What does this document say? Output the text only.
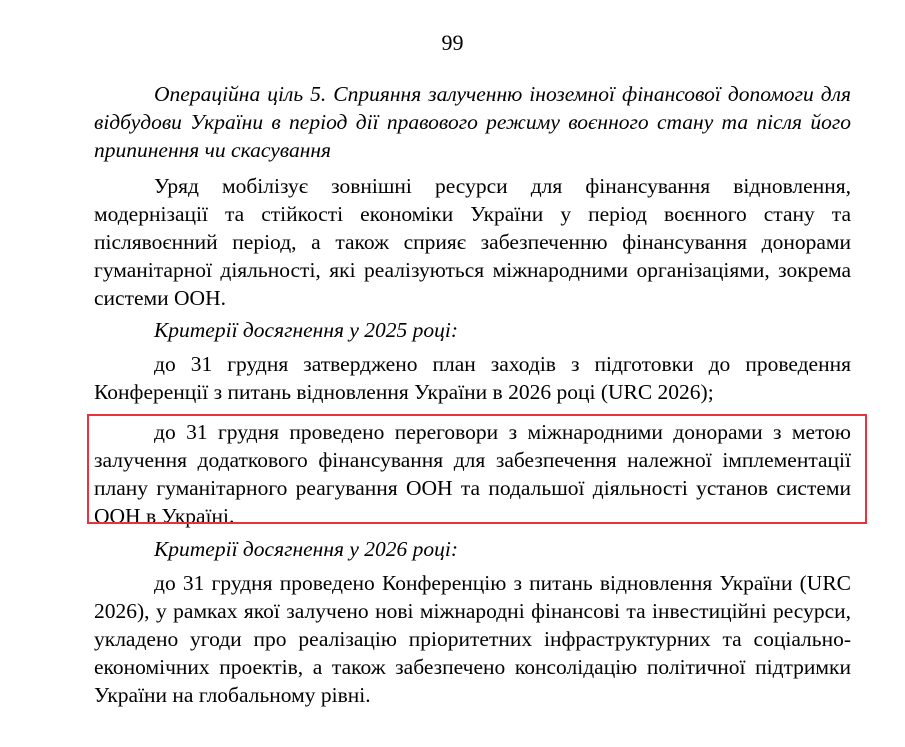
99

Операційна ціль 5. Сприяння залученню іноземної фінансової допомоги для відбудови України в період дії правового режиму воєнного стану та після його припинення чи скасування

Уряд мобілізує зовнішні ресурси для фінансування відновлення, модернізації та стійкості економіки України у період воєнного стану та післявоєнний період, а також сприяє забезпеченню фінансування донорами гуманітарної діяльності, які реалізуються міжнародними організаціями, зокрема системи ООН.

Критерії досягнення у 2025 році:

до 31 грудня затверджено план заходів з підготовки до проведення Конференції з питань відновлення України в 2026 році (URC 2026);

до 31 грудня проведено переговори з міжнародними донорами з метою залучення додаткового фінансування для забезпечення належної імплементації плану гуманітарного реагування ООН та подальшої діяльності установ системи ООН в Україні.

Критерії досягнення у 2026 році:

до 31 грудня проведено Конференцію з питань відновлення України (URC 2026), у рамках якої залучено нові міжнародні фінансові та інвестиційні ресурси, укладено угоди про реалізацію пріоритетних інфраструктурних та соціально-економічних проектів, а також забезпечено консолідацію політичної підтримки України на глобальному рівні.
